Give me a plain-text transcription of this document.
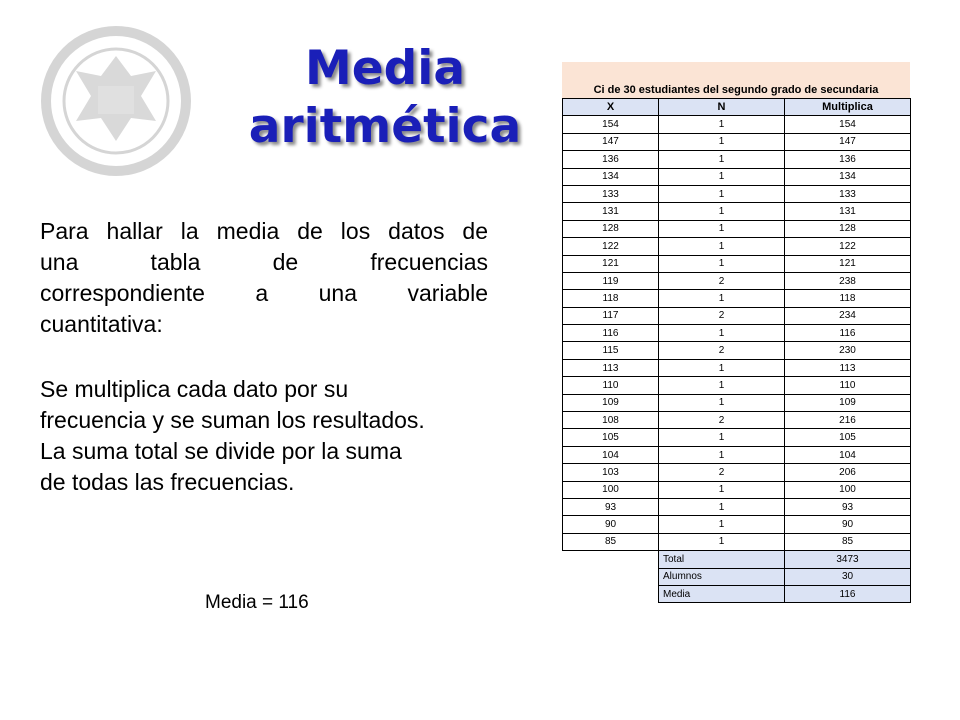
Media aritmética
Para hallar la media de los datos de
una tabla de frecuencias
correspondiente a una variable
cuantitativa:
Se multiplica cada dato por su
frecuencia y se suman los resultados.
La suma total se divide por la suma
de todas las frecuencias.
Media = 116
Ci de 30 estudiantes del segundo grado de secundaria
X	N	Multiplica
154	1	154
147	1	147
136	1	136
134	1	134
133	1	133
131	1	131
128	1	128
122	1	122
121	1	121
119	2	238
118	1	118
117	2	234
116	1	116
115	2	230
113	1	113
110	1	110
109	1	109
108	2	216
105	1	105
104	1	104
103	2	206
100	1	100
93	1	93
90	1	90
85	1	85
	Total	3473
	Alumnos	30
	Media	116
